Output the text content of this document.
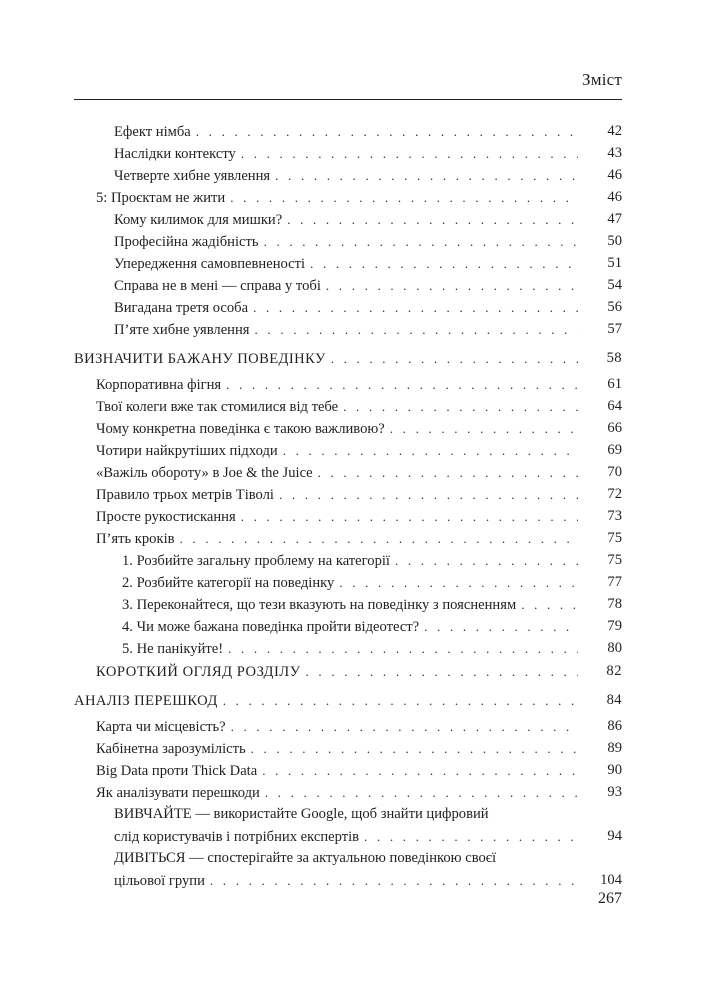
Зміст
Ефект німба . . .	42
Наслідки контексту . . .	43
Четверте хибне уявлення . . .	46
5: Проєктам не жити . . .	46
Кому килимок для мишки? . . .	47
Професійна жадібність . . .	50
Упередження самовпевненості . . .	51
Справа не в мені — справа у тобі . . .	54
Вигадана третя особа . . .	56
П’яте хибне уявлення . . .	57
ВИЗНАЧИТИ БАЖАНУ ПОВЕДІНКУ . . .	58
Корпоративна фігня . . .	61
Твої колеги вже так стомилися від тебе . . .	64
Чому конкретна поведінка є такою важливою? . . .	66
Чотири найкрутіших підходи . . .	69
«Важіль обороту» в Joe & the Juice . . .	70
Правило трьох метрів Тіволі . . .	72
Просте рукостискання . . .	73
П’ять кроків . . .	75
1. Розбийте загальну проблему на категорії . . .	75
2. Розбийте категорії на поведінку . . .	77
3. Переконайтеся, що тези вказують на поведінку з поясненням . . .	78
4. Чи може бажана поведінка пройти відеотест? . . .	79
5. Не панікуйте! . . .	80
КОРОТКИЙ ОГЛЯД РОЗДІЛУ . . .	82
АНАЛІЗ ПЕРЕШКОД . . .	84
Карта чи місцевість? . . .	86
Кабінетна зарозумілість . . .	89
Big Data проти Thick Data . . .	90
Як аналізувати перешкоди . . .	93
ВИВЧАЙТЕ — використайте Google, щоб знайти цифровий
слід користувачів і потрібних експертів . . .	94
ДИВІТЬСЯ — спостерігайте за актуальною поведінкою своєї
цільової групи . . .	104
267
